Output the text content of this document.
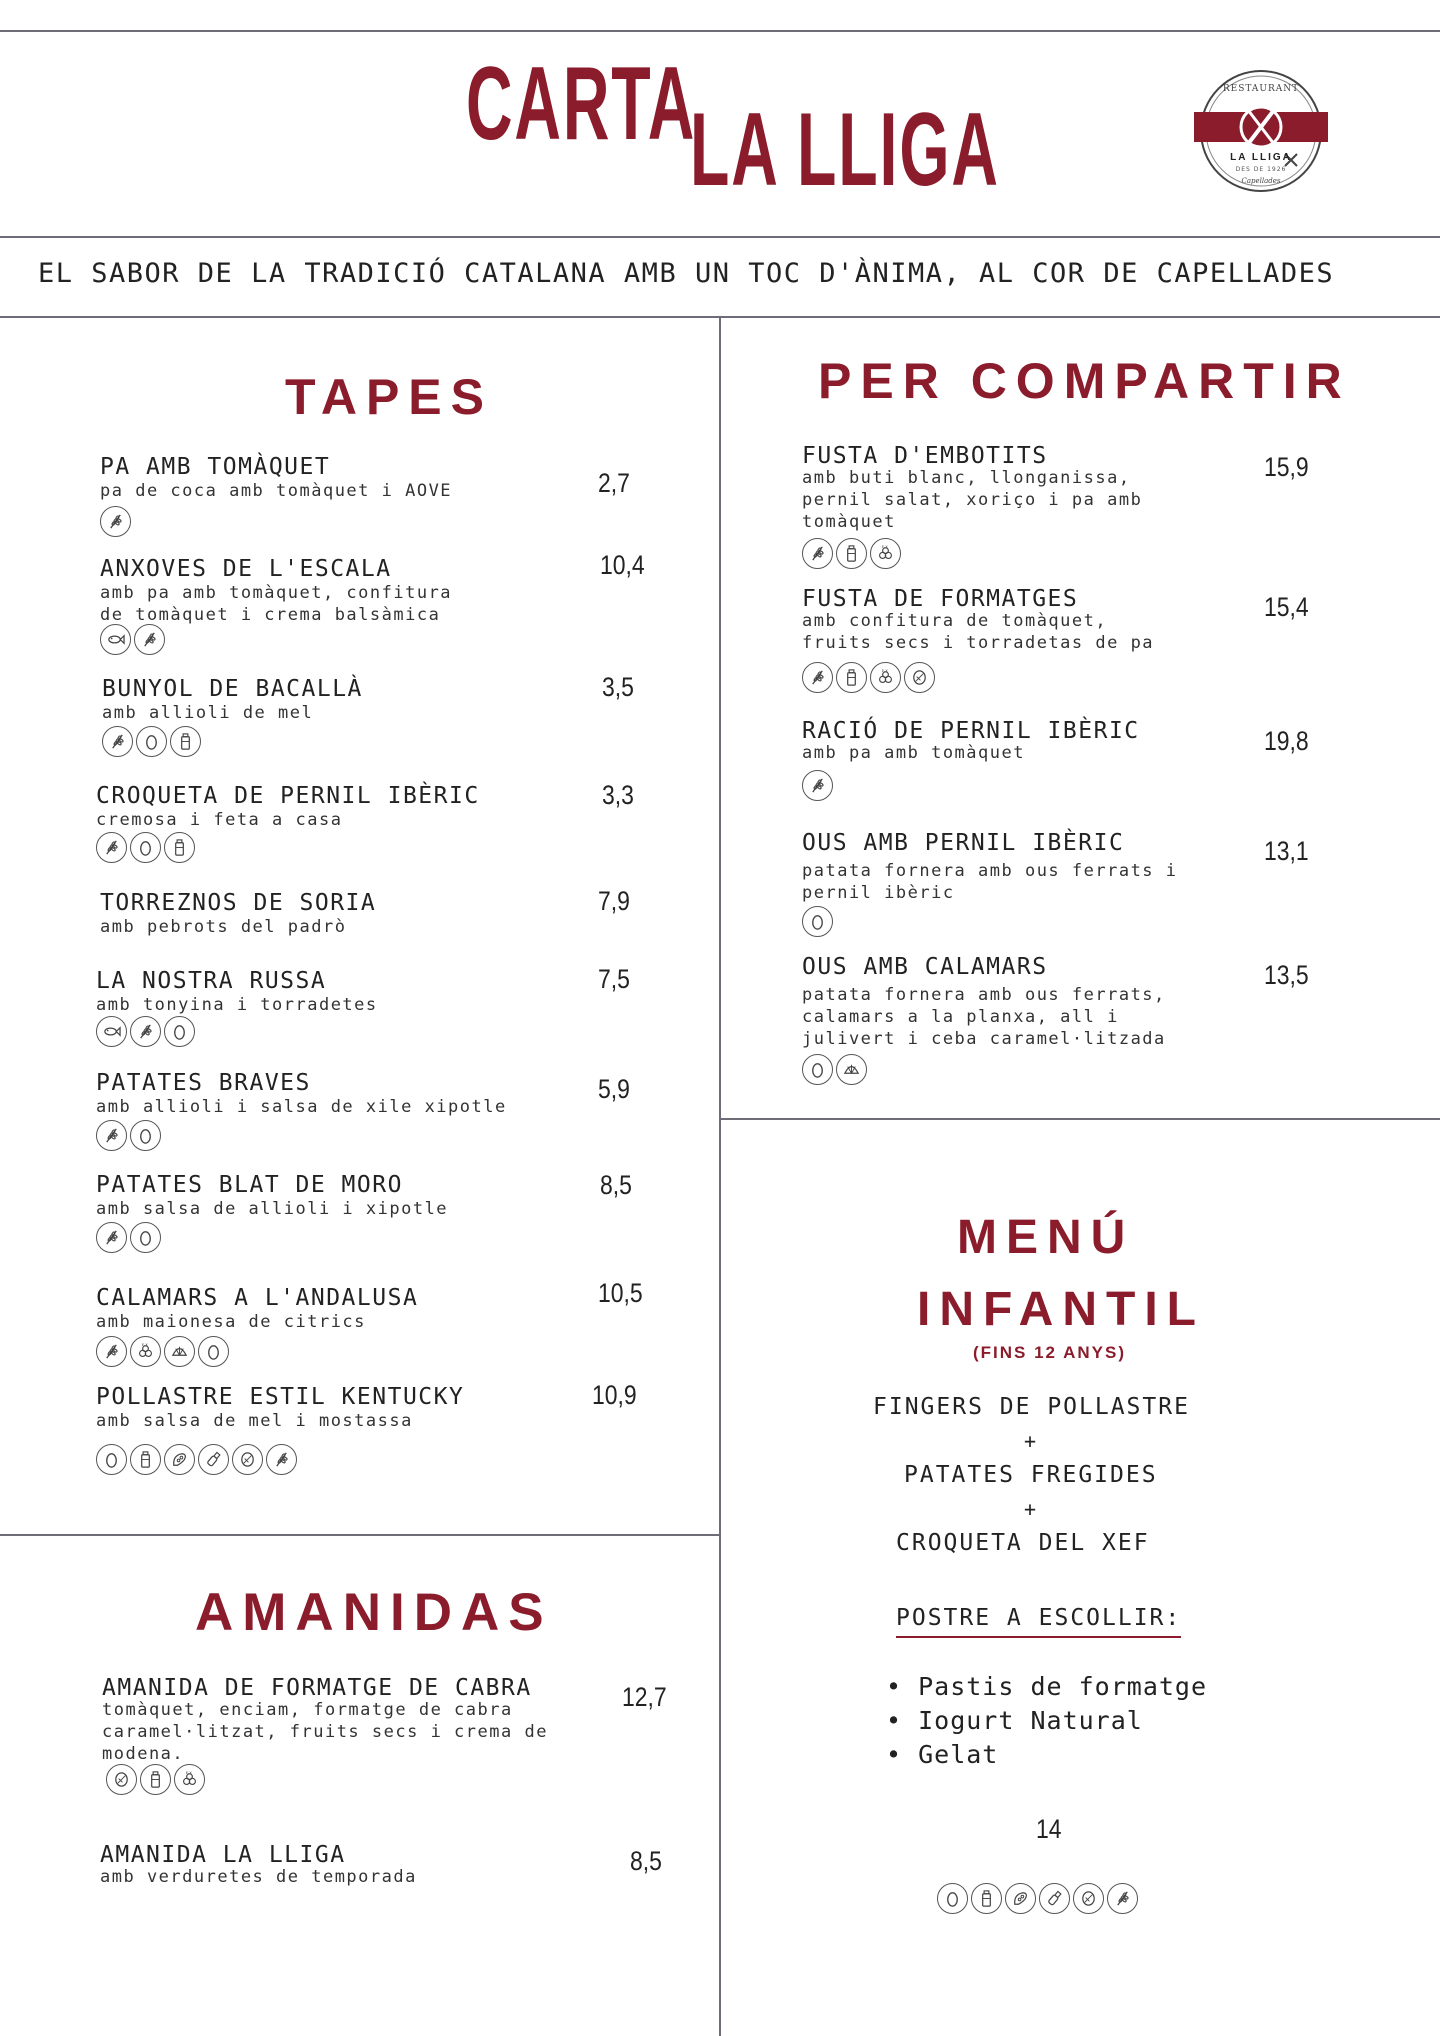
CARTA
LA LLIGA
RESTAURANT
LA LLIGA
DES DE 1926
Capellades
EL SABOR DE LA TRADICIÓ CATALANA AMB UN TOC D'ÀNIMA, AL COR DE CAPELLADES
TAPES	PER COMPARTIR
AMANIDAS
PA AMB TOMÀQUET
pa de coca amb tomàquet i AOVE	2,7
ANXOVES DE L'ESCALA
amb pa amb tomàquet, confitura de tomàquet i crema balsàmica
10,4
BUNYOL DE BACALLÀ
amb allioli de mel
3,5
CROQUETA DE PERNIL IBÈRIC
cremosa i feta a casa
3,3
TORREZNOS DE SORIA
amb pebrots del padrò
7,9
LA NOSTRA RUSSA
amb tonyina i torradetes
7,5
PATATES BRAVES
amb allioli i salsa de xile xipotle
5,9
PATATES BLAT DE MORO
amb salsa de allioli i xipotle
8,5
CALAMARS A L'ANDALUSA
amb maionesa de citrics
10,5
E-X
POLLASTRE ESTIL KENTUCKY
amb salsa de mel i mostassa
10,9
AMANIDA DE FORMATGE DE CABRA
tomàquet, enciam, formatge de cabra caramel·litzat, fruits secs i crema de modena.
12,7
E-X
AMANIDA LA LLIGA
amb verduretes de temporada
8,5
FUSTA D'EMBOTITS
amb buti blanc, llonganissa, pernil salat, xoriço i pa amb tomàquet
15,9
E-X
FUSTA DE FORMATGES
amb confitura de tomàquet, fruits secs i torradetas de pa
15,4
E-X
RACIÓ DE PERNIL IBÈRIC
amb pa amb tomàquet	19,8
OUS AMB PERNIL IBÈRIC
patata fornera amb ous ferrats i pernil ibèric
13,1
OUS AMB CALAMARS
patata fornera amb ous ferrats, calamars a la planxa, all i julivert i ceba caramel·litzada
13,5
MENÚ
INFANTIL
(FINS 12 ANYS)
FINGERS DE POLLASTRE
+
PATATES FREGIDES
+
CROQUETA DEL XEF
POSTRE A ESCOLLIR:
• Pastis de formatge
• Iogurt Natural
• Gelat
14
